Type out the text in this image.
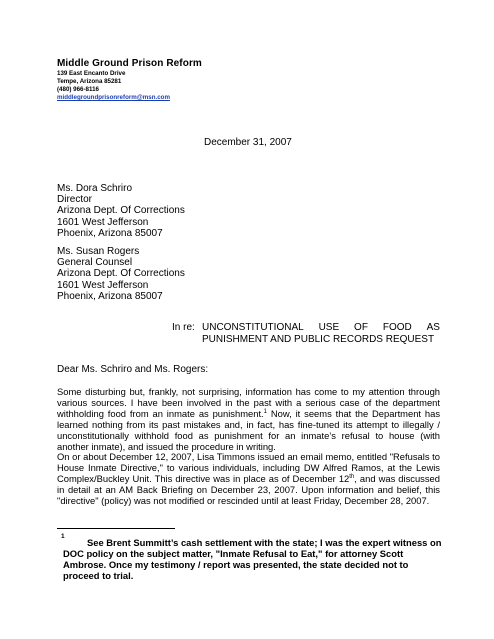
Middle Ground Prison Reform
139 East Encanto Drive
Tempe, Arizona 85281
(480) 966-8116
middlegroundprisonreform@msn.com
December 31, 2007
Ms. Dora Schriro
Director
Arizona Dept. Of Corrections
1601 West Jefferson
Phoenix, Arizona 85007
Ms. Susan Rogers
General Counsel
Arizona Dept. Of Corrections
1601 West Jefferson
Phoenix, Arizona 85007
In re: UNCONSTITUTIONAL USE OF FOOD AS
PUNISHMENT AND PUBLIC RECORDS REQUEST
Dear Ms. Schriro and Ms. Rogers:
Some disturbing but, frankly, not surprising, information has come to my attention through various sources. I have been involved in the past with a serious case of the department withholding food from an inmate as punishment.$^1$ Now, it seems that the Department has learned nothing from its past mistakes and, in fact, has fine-tuned its attempt to illegally / unconstitutionally withhold food as punishment for an inmate’s refusal to house (with another inmate), and issued the procedure in writing.
On or about December 12, 2007, Lisa Timmons issued an email memo, entitled "Refusals to House Inmate Directive," to various individuals, including DW Alfred Ramos, at the Lewis Complex/Buckley Unit. This directive was in place as of December 12th, and was discussed in detail at an AM Back Briefing on December 23, 2007. Upon information and belief, this "directive" (policy) was not modified or rescinded until at least Friday, December 28, 2007.
1
See Brent Summitt’s cash settlement with the state; I was the expert witness on DOC policy on the subject matter, "Inmate Refusal to Eat," for attorney Scott Ambrose. Once my testimony / report was presented, the state decided not to proceed to trial.
